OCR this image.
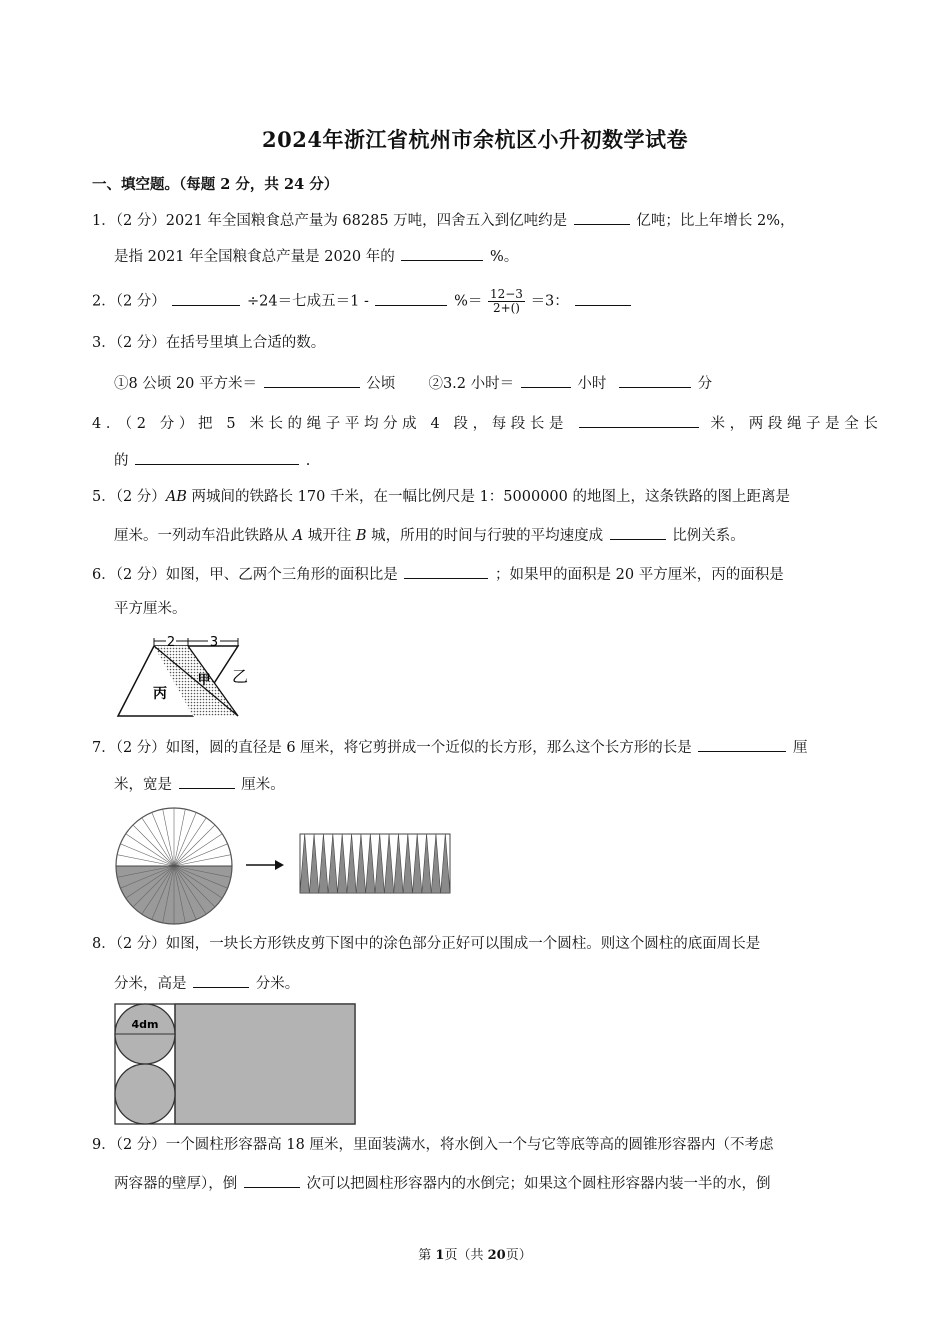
2024年浙江省杭州市余杭区小升初数学试卷
一、填空题。（每题 2 分，共 24 分）
1．（2 分）2021 年全国粮食总产量为 68285 万吨，四舍五入到亿吨约是	亿吨；比上年增长 2%，
是指 2021 年全国粮食总产量是 2020 年的	%。
2．（2 分）	÷24＝七成五＝1 -	%＝ $\frac{12-3}{2+()} =3$：
3．（2 分）在括号里填上合适的数。
①8 公顷 20 平方米＝	公顷 ②3.2 小时＝	小时	分
4．（2 分）把 5 米长的绳子平均分成 4 段，每段长是	米，两段绳子是全长
的	.
5．（2 分）AB 两城间的铁路长 170 千米，在一幅比例尺是 1：5000000 的地图上，这条铁路的图上距离是
厘米。一列动车沿此铁路从 A 城开往 B 城，所用的时间与行驶的平均速度成	比例关系。
6．（2 分）如图，甲、乙两个三角形的面积比是	；如果甲的面积是 20 平方厘米，丙的面积是
平方厘米。
2	3
丙
甲 乙
7．（2 分）如图，圆的直径是 6 厘米，将它剪拼成一个近似的长方形，那么这个长方形的长是	厘
米，宽是	厘米。
8．（2 分）如图，一块长方形铁皮剪下图中的涂色部分正好可以围成一个圆柱。则这个圆柱的底面周长是
分米，高是	分米。
4dm
9．（2 分）一个圆柱形容器高 18 厘米，里面装满水，将水倒入一个与它等底等高的圆锥形容器内（不考虑
两容器的壁厚），倒	次可以把圆柱形容器内的水倒完；如果这个圆柱形容器内装一半的水，倒
第 1页（共 20页）
